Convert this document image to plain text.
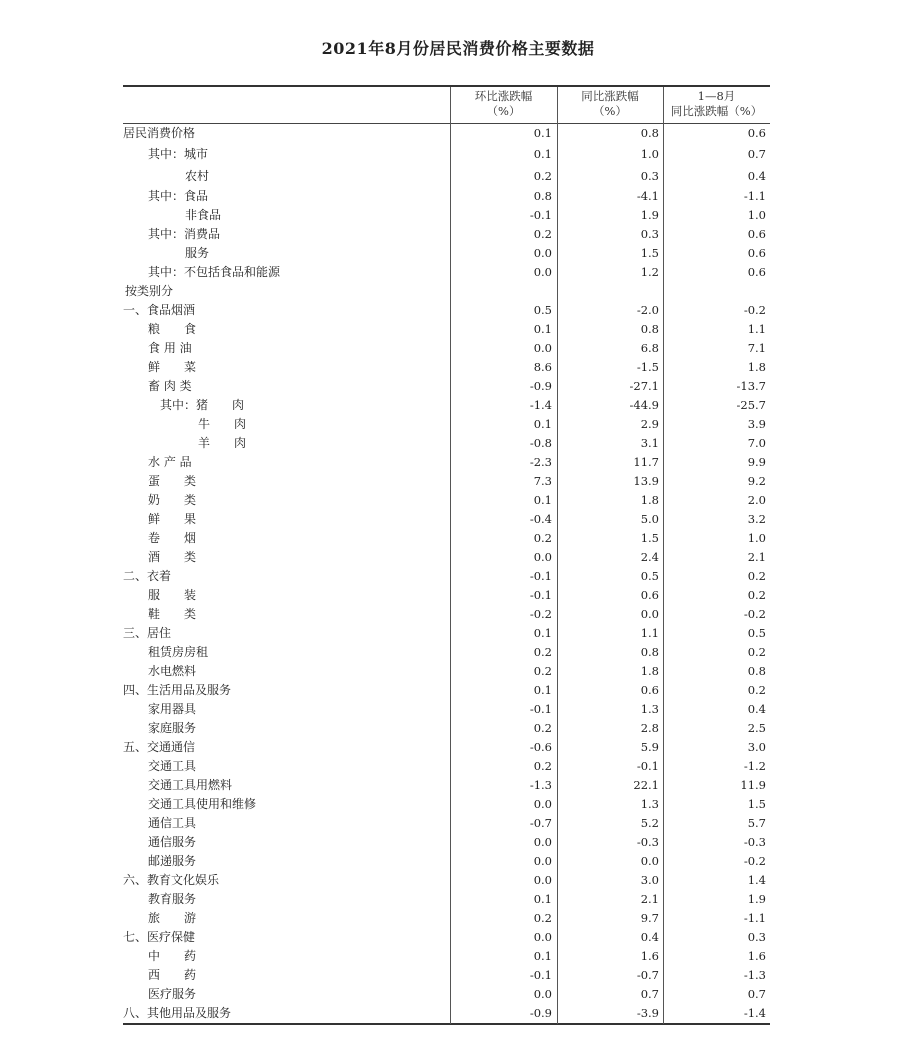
2021年8月份居民消费价格主要数据
环比涨跌幅
（%）
同比涨跌幅
（%）
1—8月
同比涨跌幅（%）
居民消费价格	0.1	0.8	0.6
其中：城市	0.1	1.0	0.7
农村	0.2	0.3	0.4
其中：食品	0.8	-4.1	-1.1
非食品	-0.1	1.9	1.0
其中：消费品	0.2	0.3	0.6
服务	0.0	1.5	0.6
其中：不包括食品和能源	0.0	1.2	0.6
按类别分
一、食品烟酒	0.5	-2.0	-0.2
粮　　食	0.1	0.8	1.1
食 用 油	0.0	6.8	7.1
鲜　　菜	8.6	-1.5	1.8
畜 肉 类	-0.9	-27.1	-13.7
其中：猪　　肉	-1.4	-44.9	-25.7
牛　　肉	0.1	2.9	3.9
羊　　肉	-0.8	3.1	7.0
水 产 品	-2.3	11.7	9.9
蛋　　类	7.3	13.9	9.2
奶　　类	0.1	1.8	2.0
鲜　　果	-0.4	5.0	3.2
卷　　烟	0.2	1.5	1.0
酒　　类	0.0	2.4	2.1
二、衣着	-0.1	0.5	0.2
服　　装	-0.1	0.6	0.2
鞋　　类	-0.2	0.0	-0.2
三、居住	0.1	1.1	0.5
租赁房房租	0.2	0.8	0.2
水电燃料	0.2	1.8	0.8
四、生活用品及服务	0.1	0.6	0.2
家用器具	-0.1	1.3	0.4
家庭服务	0.2	2.8	2.5
五、交通通信	-0.6	5.9	3.0
交通工具	0.2	-0.1	-1.2
交通工具用燃料	-1.3	22.1	11.9
交通工具使用和维修	0.0	1.3	1.5
通信工具	-0.7	5.2	5.7
通信服务	0.0	-0.3	-0.3
邮递服务	0.0	0.0	-0.2
六、教育文化娱乐	0.0	3.0	1.4
教育服务	0.1	2.1	1.9
旅　　游	0.2	9.7	-1.1
七、医疗保健	0.0	0.4	0.3
中　　药	0.1	1.6	1.6
西　　药	-0.1	-0.7	-1.3
医疗服务	0.0	0.7	0.7
八、其他用品及服务	-0.9	-3.9	-1.4
